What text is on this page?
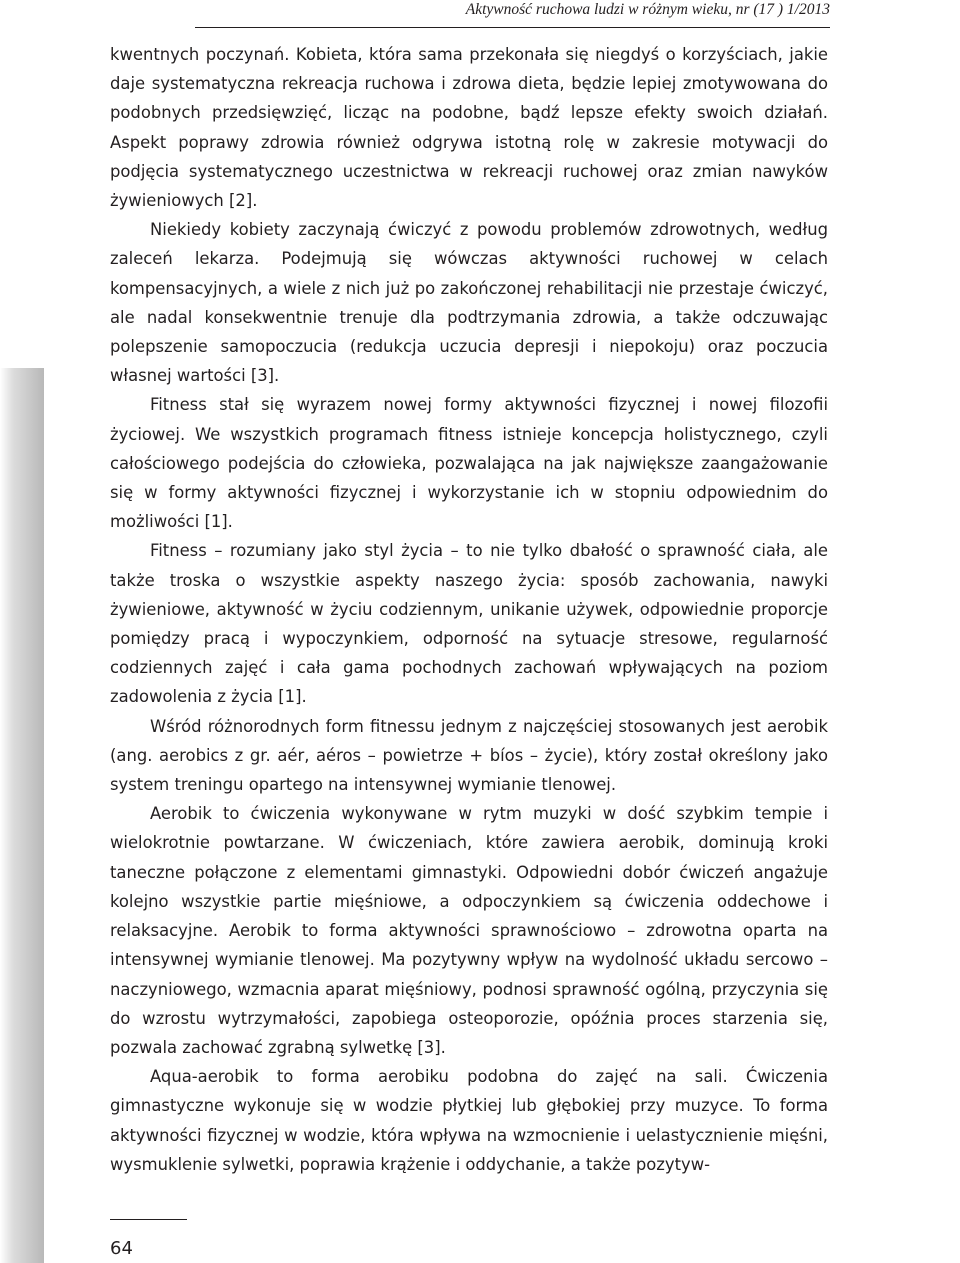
Aktywność ruchowa ludzi w różnym wieku, nr (17 ) 1/2013

kwentnych poczynań. Kobieta, która sama przekonała się niegdyś o korzyściach, jakie daje systematyczna rekreacja ruchowa i zdrowa dieta, będzie lepiej zmotywowana do podobnych przedsięwzięć, licząc na podobne, bądź lepsze efekty swoich działań. Aspekt poprawy zdrowia również odgrywa istotną rolę w zakresie motywacji do podjęcia systematycznego uczestnictwa w rekreacji ruchowej oraz zmian nawyków żywieniowych [2].

Niekiedy kobiety zaczynają ćwiczyć z powodu problemów zdrowotnych, według zaleceń lekarza. Podejmują się wówczas aktywności ruchowej w celach kompensacyjnych, a wiele z nich już po zakończonej rehabilitacji nie przestaje ćwiczyć, ale nadal konsekwentnie trenuje dla podtrzymania zdrowia, a także odczuwając polepszenie samopoczucia (redukcja uczucia depresji i niepokoju) oraz poczucia własnej wartości [3].

Fitness stał się wyrazem nowej formy aktywności fizycznej i nowej filozofii życiowej. We wszystkich programach fitness istnieje koncepcja holistycznego, czyli całościowego podejścia do człowieka, pozwalająca na jak największe zaangażowanie się w formy aktywności fizycznej i wykorzystanie ich w stopniu odpowiednim do możliwości [1].

Fitness – rozumiany jako styl życia – to nie tylko dbałość o sprawność ciała, ale także troska o wszystkie aspekty naszego życia: sposób zachowania, nawyki żywieniowe, aktywność w życiu codziennym, unikanie używek, odpowiednie proporcje pomiędzy pracą i wypoczynkiem, odporność na sytuacje stresowe, regularność codziennych zajęć i cała gama pochodnych zachowań wpływających na poziom zadowolenia z życia [1].

Wśród różnorodnych form fitnessu jednym z najczęściej stosowanych jest aerobik (ang. aerobics z gr. aér, aéros – powietrze + bíos – życie), który został określony jako system treningu opartego na intensywnej wymianie tlenowej.

Aerobik to ćwiczenia wykonywane w rytm muzyki w dość szybkim tempie i wielokrotnie powtarzane. W ćwiczeniach, które zawiera aerobik, dominują kroki taneczne połączone z elementami gimnastyki. Odpowiedni dobór ćwiczeń angażuje kolejno wszystkie partie mięśniowe, a odpoczynkiem są ćwiczenia oddechowe i relaksacyjne. Aerobik to forma aktywności sprawnościowo – zdrowotna oparta na intensywnej wymianie tlenowej. Ma pozytywny wpływ na wydolność układu sercowo – naczyniowego, wzmacnia aparat mięśniowy, podnosi sprawność ogólną, przyczynia się do wzrostu wytrzymałości, zapobiega osteoporozie, opóźnia proces starzenia się, pozwala zachować zgrabną sylwetkę [3].

Aqua-aerobik to forma aerobiku podobna do zajęć na sali. Ćwiczenia gimnastyczne wykonuje się w wodzie płytkiej lub głębokiej przy muzyce. To forma aktywności fizycznej w wodzie, która wpływa na wzmocnienie i uelastycznienie mięśni, wysmuklenie sylwetki, poprawia krążenie i oddychanie, a także pozytyw-

64
